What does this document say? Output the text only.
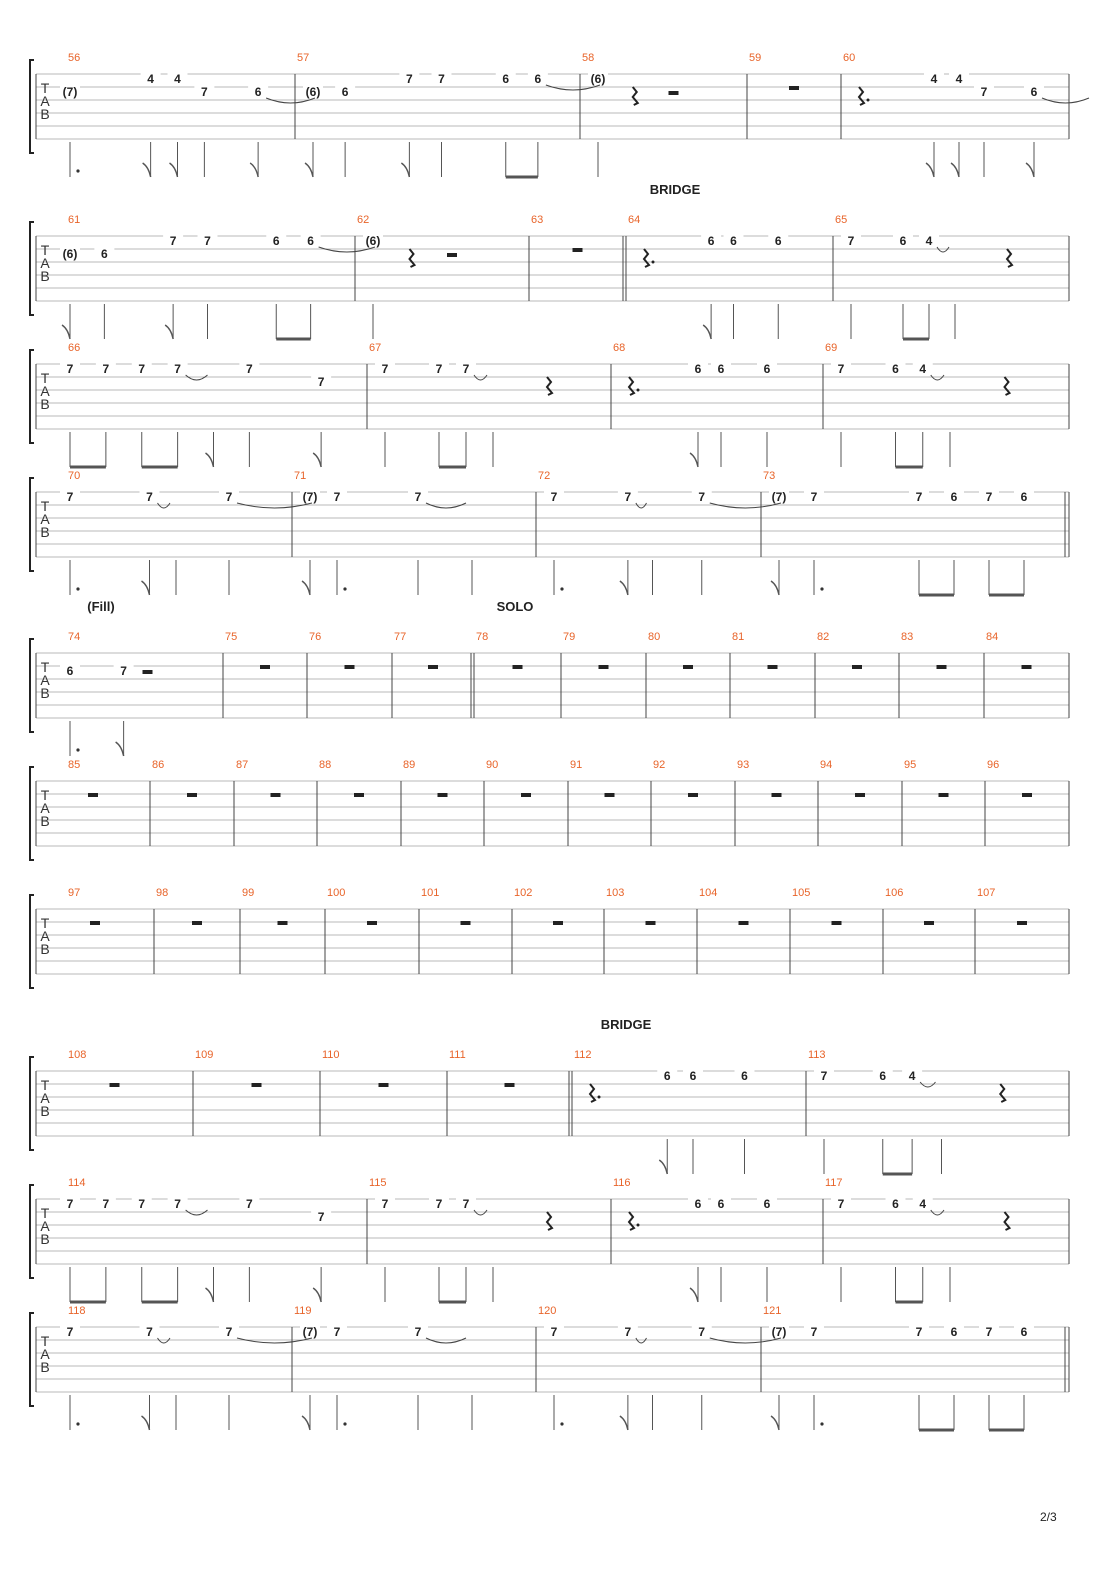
T
A
B
56
(7)
4 4
7	6
57
(6) 6
7 7	6 6
58
(6)
59	60
4 4
7	6
T
A
B
BRIDGE
61
(6) 6
7 7	6 6
62
(6)
63	64
6 6	6
65
7	6 4
T
A
B
66
7 7 7 7	7
7
67
7	7 7
68
6 6	6
69
7	6 4
T
A
B
70
7	7	7
71
(7) 7	7
72
7	7	7
73
(7) 7	7 6 7 6
T
A
B
SOLO
(Fill)
74
6	7
75	76	77	78	79	80	81	82	83	84
T
A
B
85	86	87	88	89	90	91	92	93	94	95	96
T
A
B
97	98	99	100	101	102	103	104	105	106	107
T
A
B
BRIDGE
108	109	110	111	112
6 6	6
113
7	6 4
T
A
B
114
7 7 7 7	7
7
115
7	7 7
116
6 6	6
117
7	6 4
T
A
B
118
7	7	7
119
(7) 7	7
120
7	7	7
121
(7) 7	7 6 7 6
2/3
